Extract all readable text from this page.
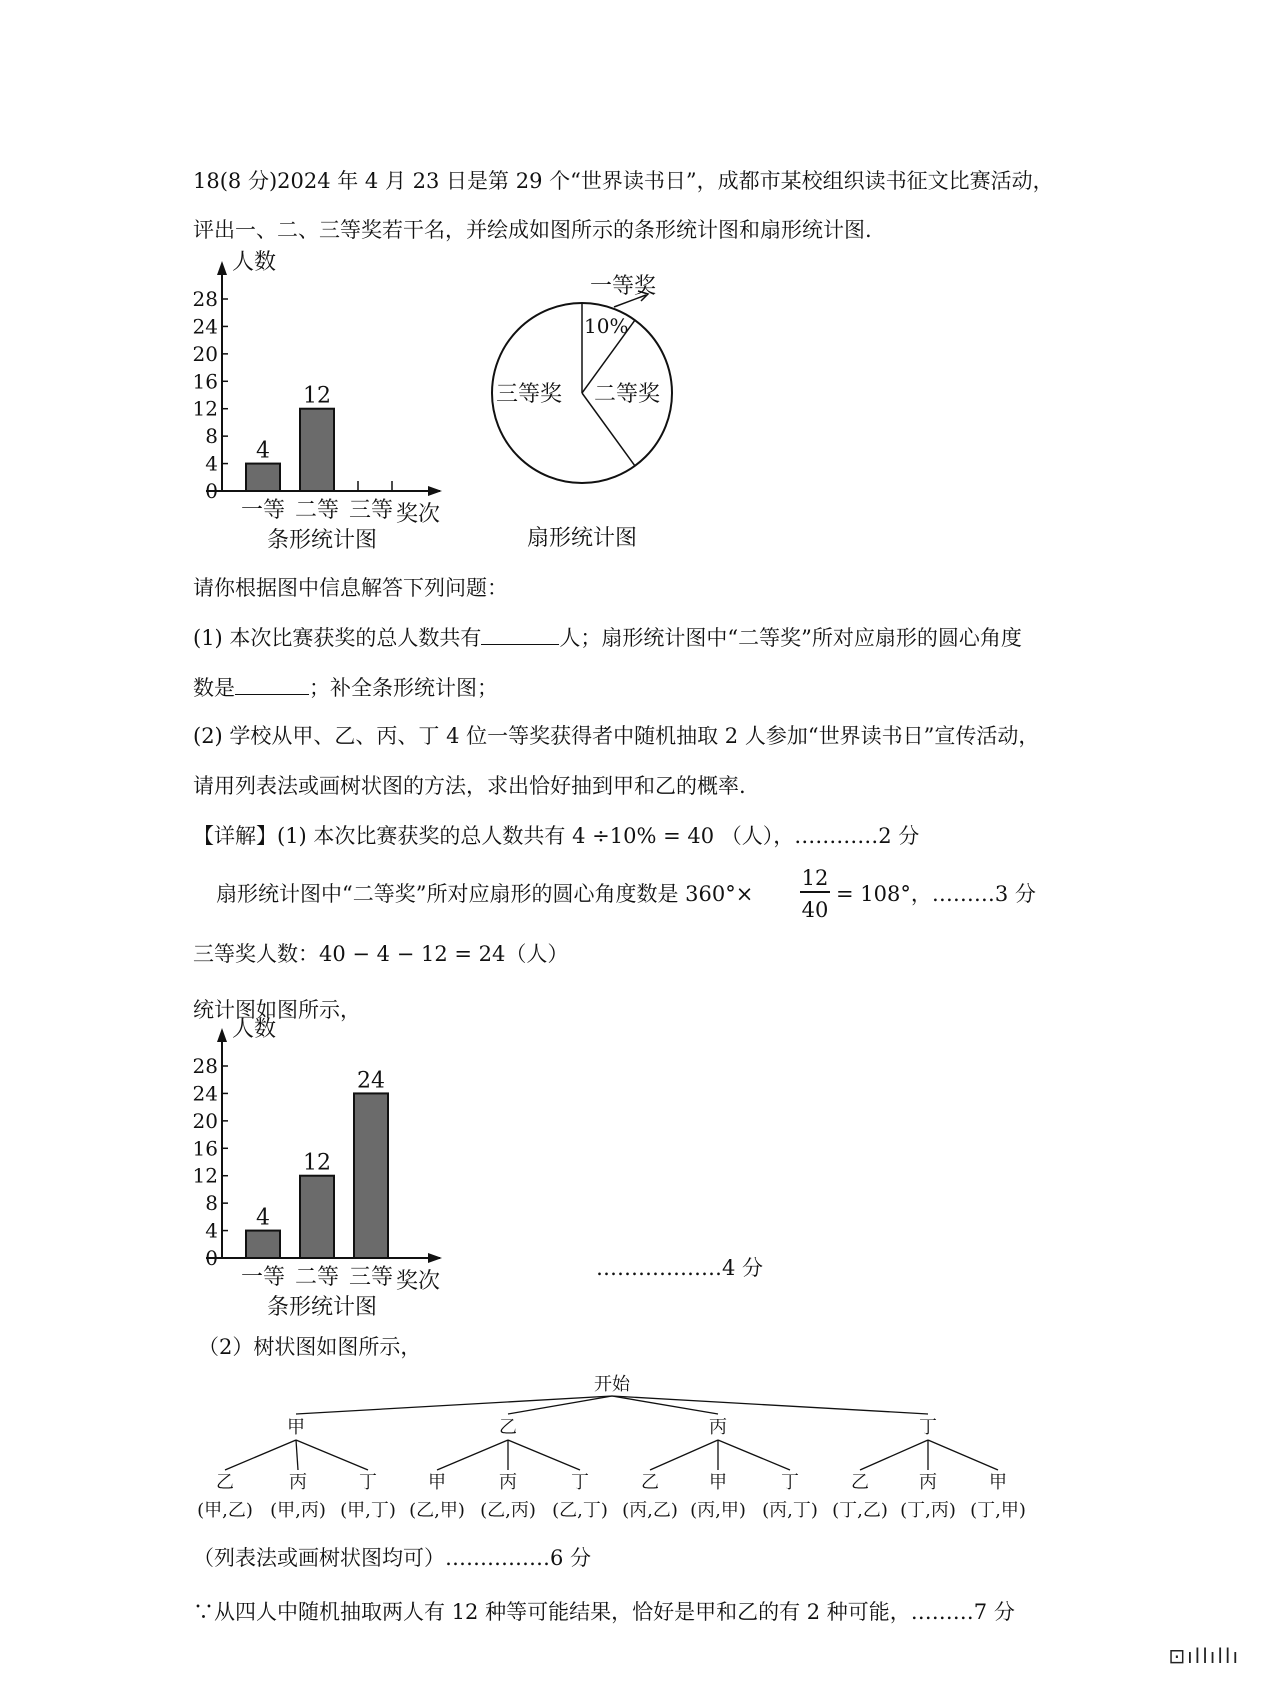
18(8 分)2024 年 4 月 23 日是第 29 个“世界读书日”，成都市某校组织读书征文比赛活动，
评出一、二、三等奖若干名，并绘成如图所示的条形统计图和扇形统计图.
人数
奖次
0
4
8
12
16
20
24
28
一等
4
二等
12
三等
条形统计图
一等奖
10%
二等奖
三等奖
扇形统计图
请你根据图中信息解答下列问题：
(1) 本次比赛获奖的总人数共有	人；扇形统计图中“二等奖”所对应扇形的圆心角度
数是	；补全条形统计图；
(2) 学校从甲、乙、丙、丁 4 位一等奖获得者中随机抽取 2 人参加“世界读书日”宣传活动，
请用列表法或画树状图的方法，求出恰好抽到甲和乙的概率.
【详解】(1) 本次比赛获奖的总人数共有 4 ÷10% = 40 （人），…………2 分
扇形统计图中“二等奖”所对应扇形的圆心角度数是 360°×
12
40
= 108°，………3 分
三等奖人数：40 − 4 − 12 = 24（人）
统计图如图所示，
人数
奖次
0
4
8
12
16
20
24
28
一等
4
二等
12
三等
24
条形统计图
………………4 分
（2）树状图如图所示，
开始
甲
乙
(甲,乙)
丙
(甲,丙)
丁
(甲,丁)
乙
甲
(乙,甲)
丙
(乙,丙)
丁
(乙,丁)
丙
乙
(丙,乙)
甲
(丙,甲)
丁
(丙,丁)
丁
乙
(丁,乙)
丙
(丁,丙)
甲
(丁,甲)
（列表法或画树状图均可）……………6 分
∵从四人中随机抽取两人有 12 种等可能结果，恰好是甲和乙的有 2 种可能，………7 分
⊡ıllıllı
